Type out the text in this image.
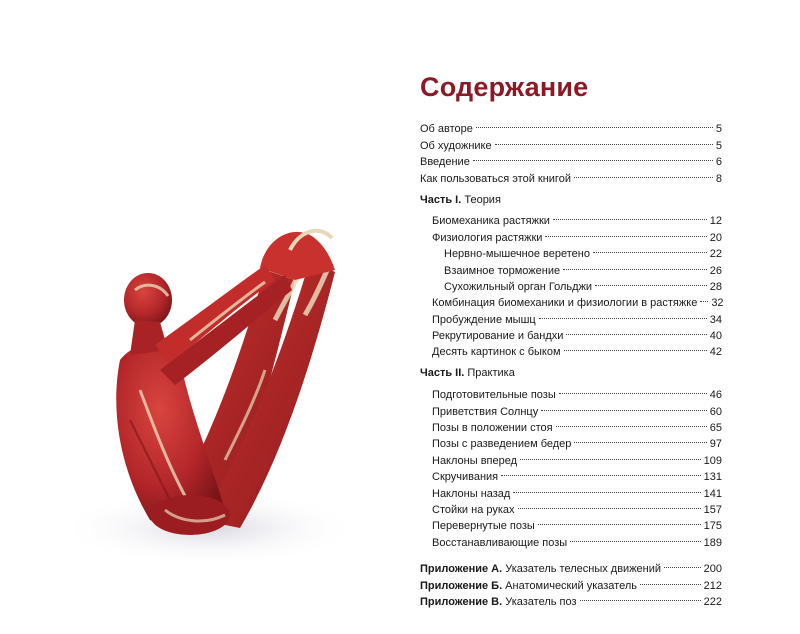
Содержание
Об авторе	5
Об художнике	5
Введение	6
Как пользоваться этой книгой	8
Часть I. Теория
Биомеханика растяжки	12
Физиология растяжки	20
Нервно-мышечное веретено	22
Взаимное торможение	26
Сухожильный орган Гольджи	28
Комбинация биомеханики и физиологии в растяжке 32
Пробуждение мышц	34
Рекрутирование и бандхи	40
Десять картинок с быком	42
Часть II. Практика
Подготовительные позы	46
Приветствия Солнцу	60
Позы в положении стоя	65
Позы с разведением бедер	97
Наклоны вперед	109
Скручивания	131
Наклоны назад	141
Стойки на руках	157
Перевернутые позы	175
Восстанавливающие позы	189
Приложение А. Указатель телесных движений	200
Приложение Б. Анатомический указатель	212
Приложение В. Указатель поз	222
